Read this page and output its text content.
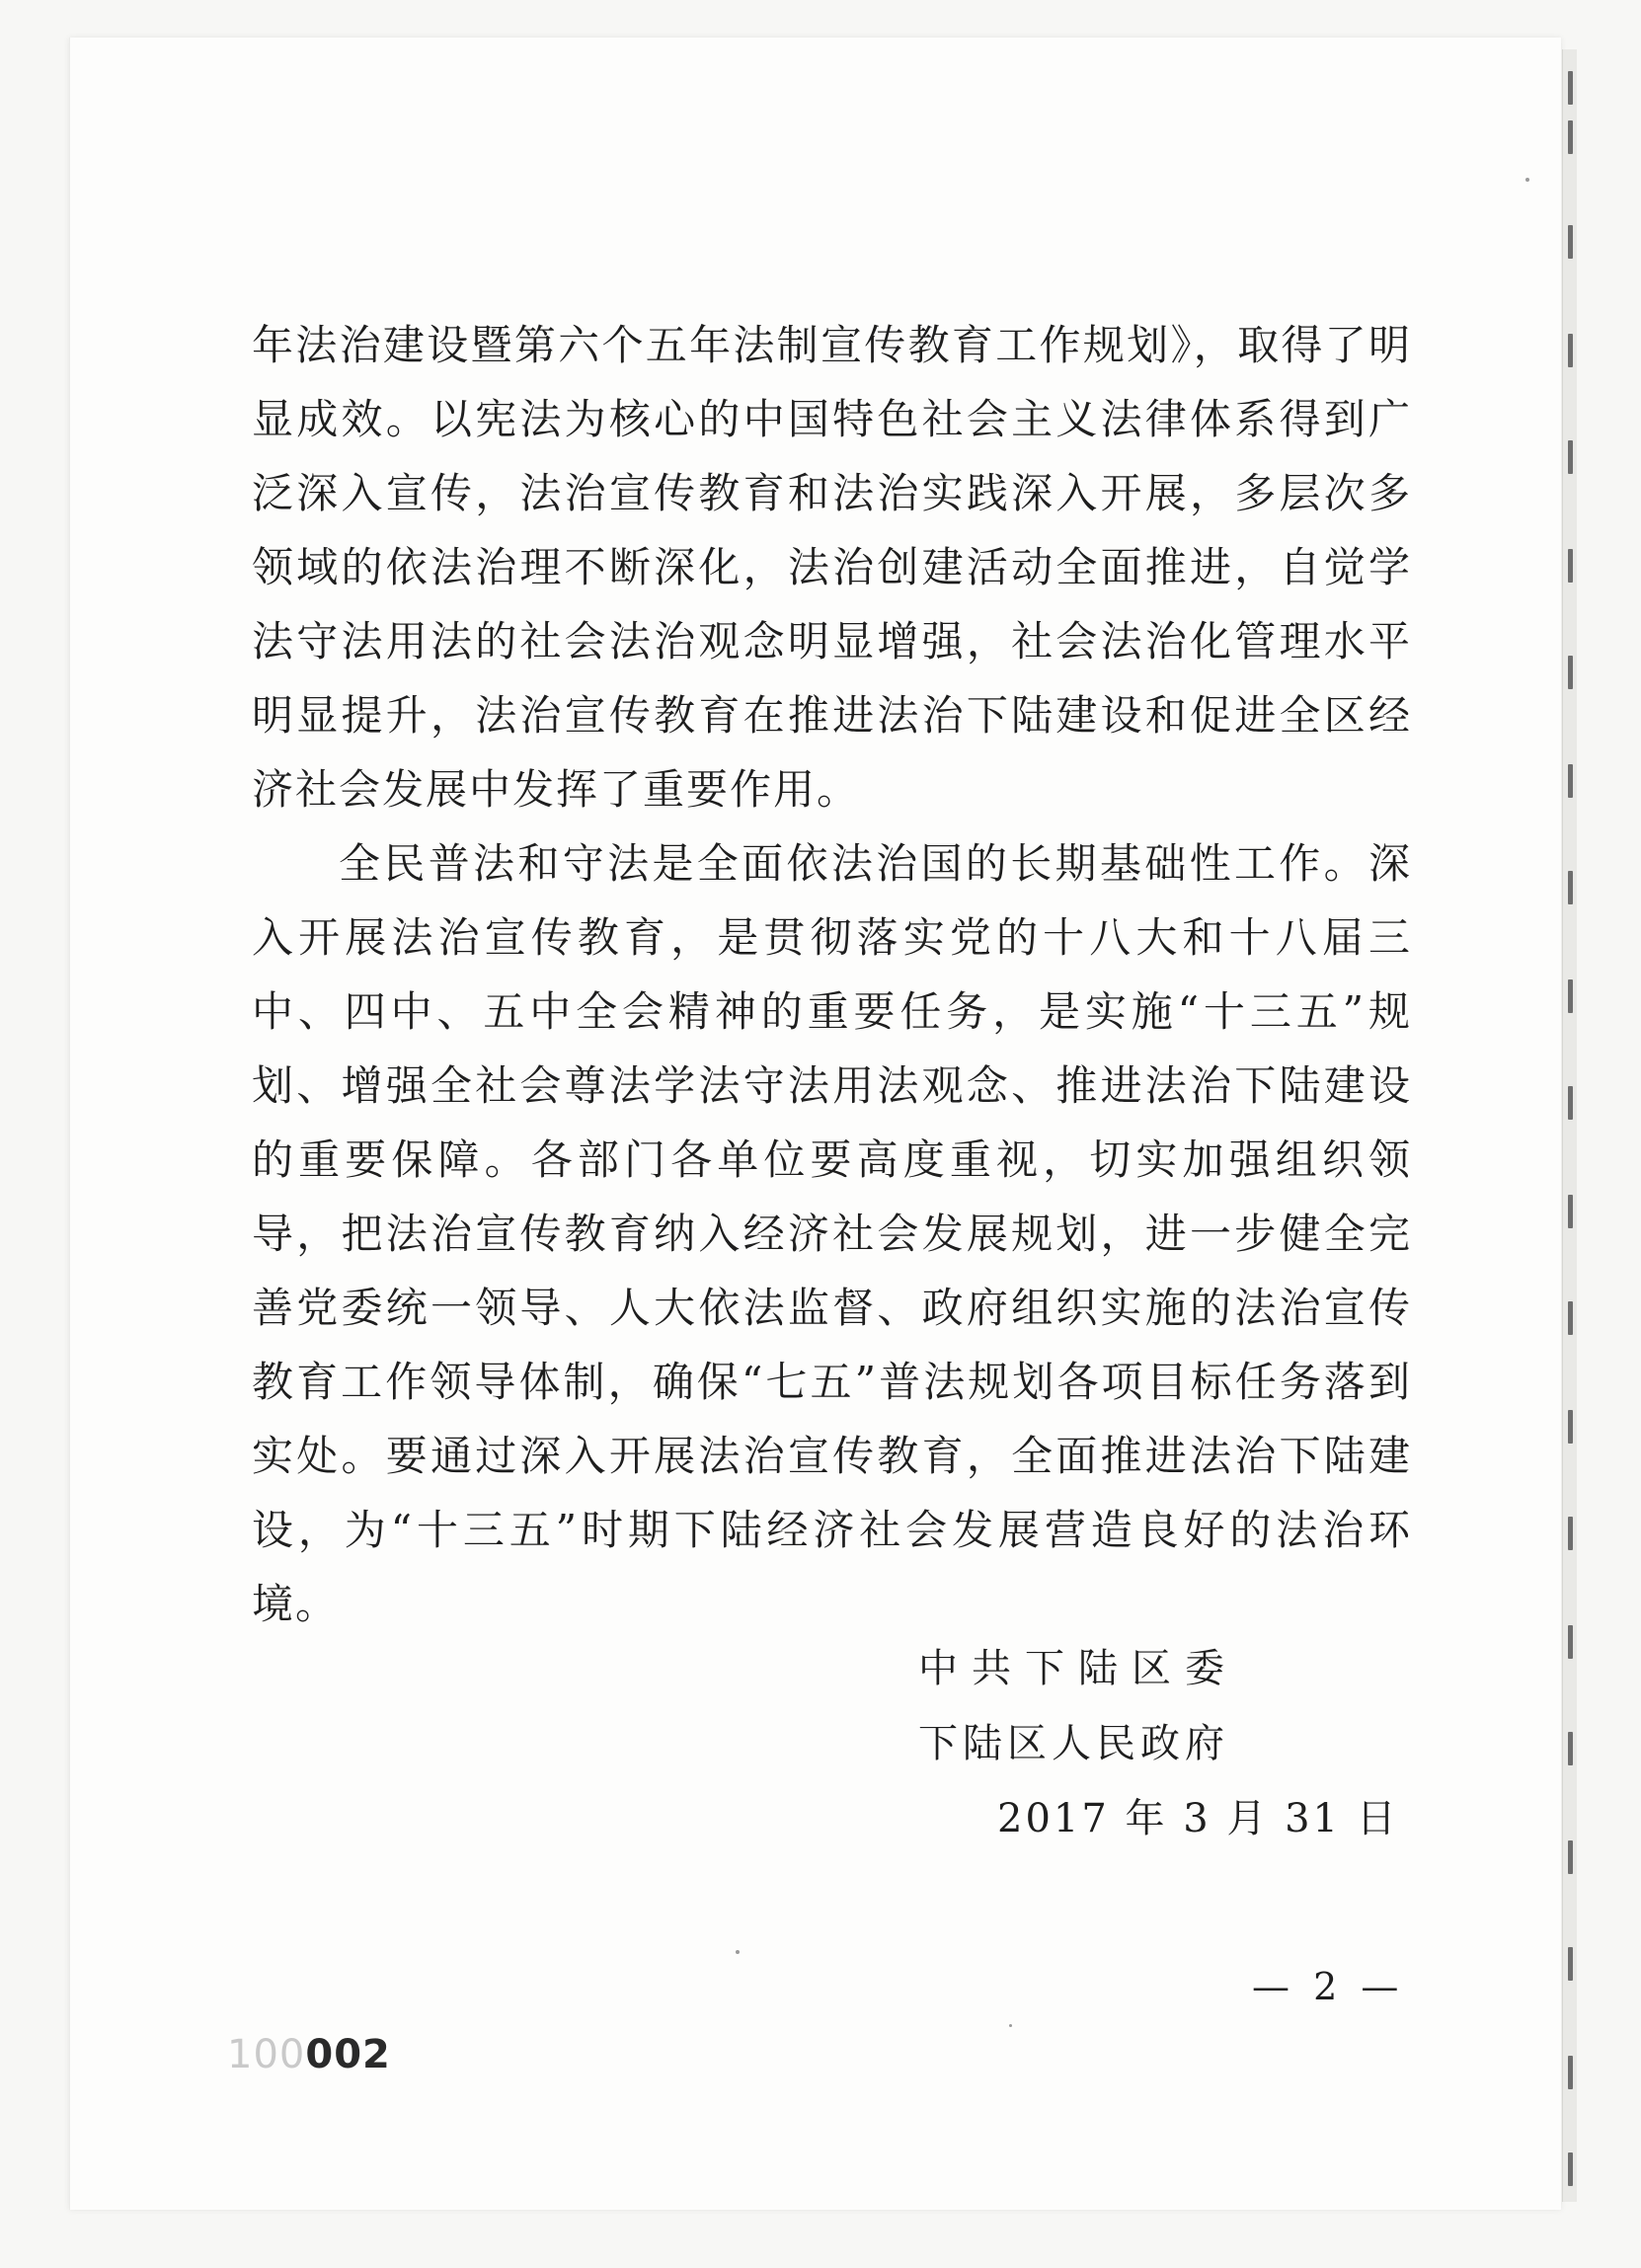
年法治建设暨第六个五年法制宣传教育工作规划》，取得了明显成效。以宪法为核心的中国特色社会主义法律体系得到广泛深入宣传，法治宣传教育和法治实践深入开展，多层次多领域的依法治理不断深化，法治创建活动全面推进，自觉学法守法用法的社会法治观念明显增强，社会法治化管理水平明显提升，法治宣传教育在推进法治下陆建设和促进全区经济社会发展中发挥了重要作用。

全民普法和守法是全面依法治国的长期基础性工作。深入开展法治宣传教育，是贯彻落实党的十八大和十八届三中、四中、五中全会精神的重要任务，是实施“十三五”规划、增强全社会尊法学法守法用法观念、推进法治下陆建设的重要保障。各部门各单位要高度重视，切实加强组织领导，把法治宣传教育纳入经济社会发展规划，进一步健全完善党委统一领导、人大依法监督、政府组织实施的法治宣传教育工作领导体制，确保“七五”普法规划各项目标任务落到实处。要通过深入开展法治宣传教育，全面推进法治下陆建设，为“十三五”时期下陆经济社会发展营造良好的法治环境。

中共下陆区委
下陆区人民政府
2017 年 3 月 31 日
— 2 —
100002
